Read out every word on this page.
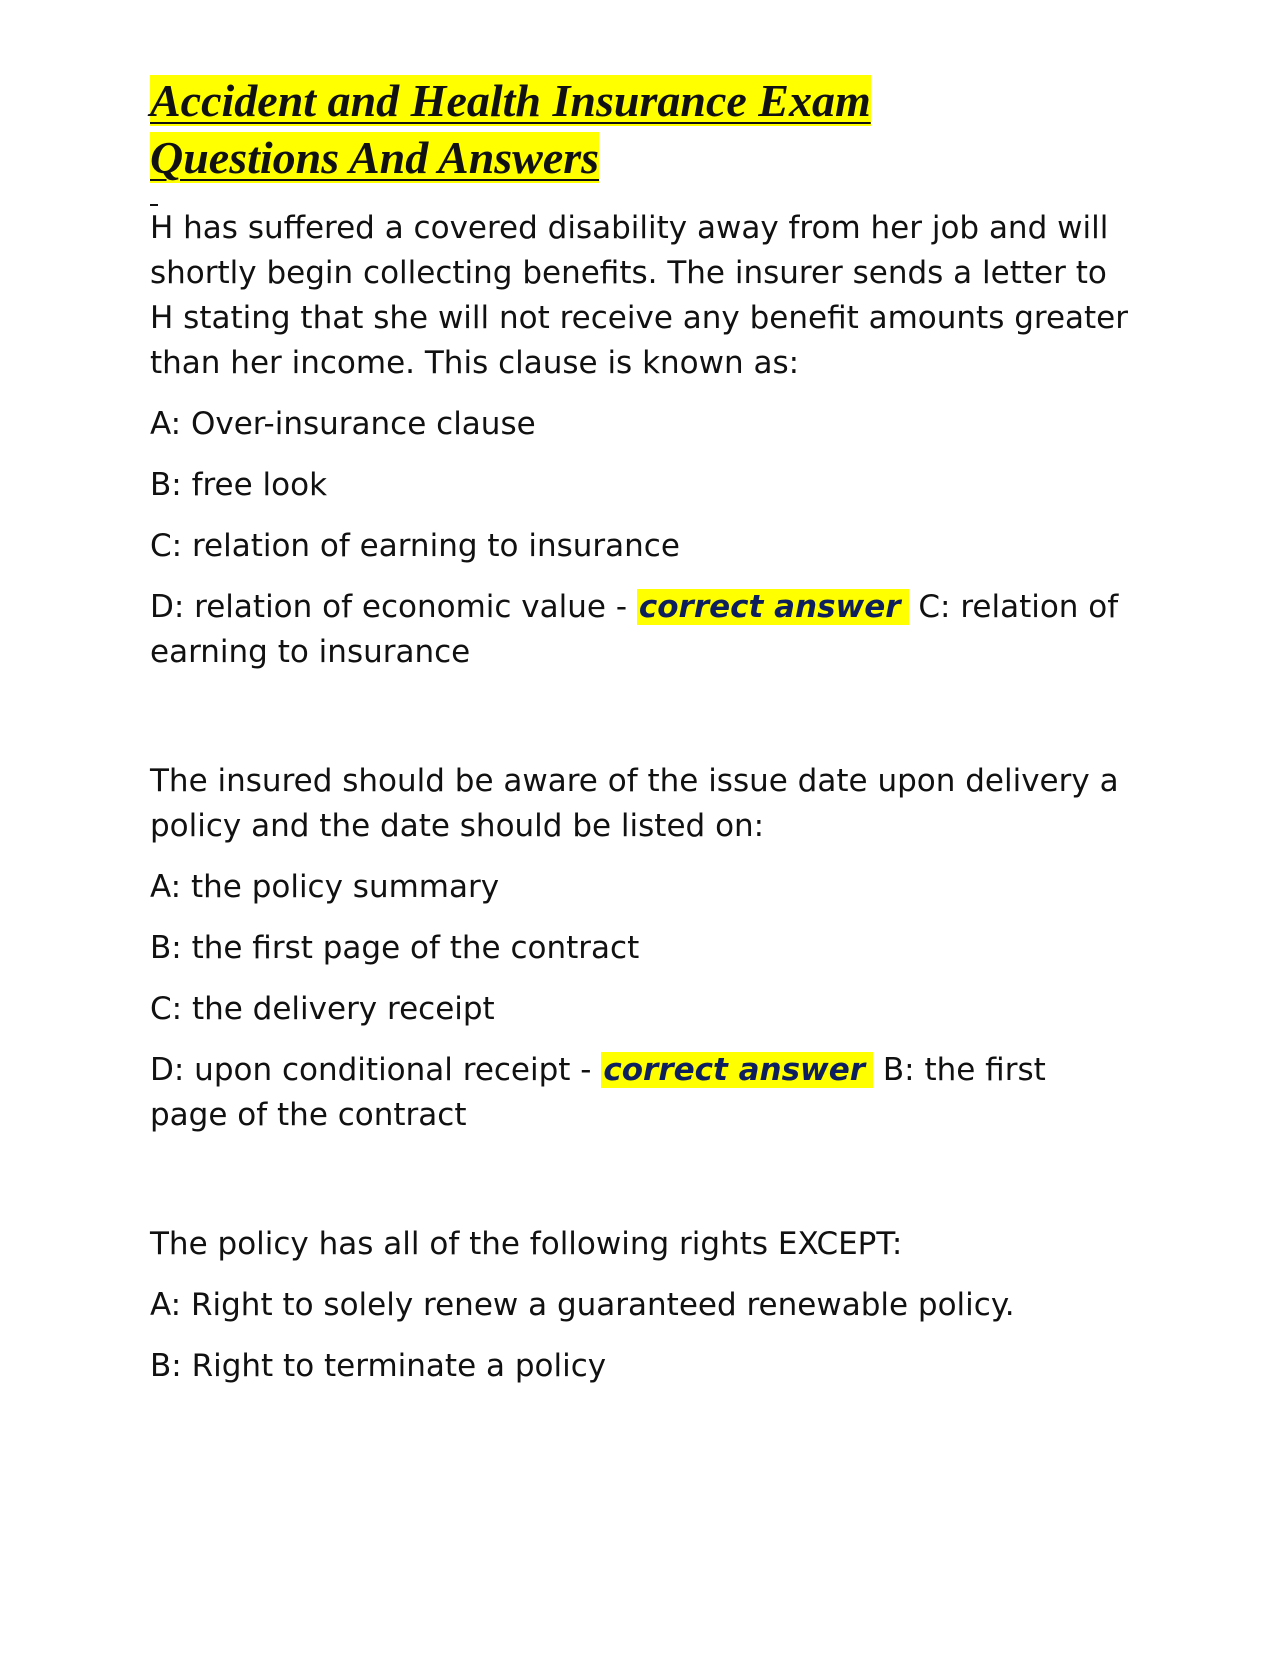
Accident and Health Insurance Exam
Questions And Answers

H has suffered a covered disability away from her job and will shortly begin collecting benefits. The insurer sends a letter to H stating that she will not receive any benefit amounts greater than her income. This clause is known as:

A: Over-insurance clause

B: free look

C: relation of earning to insurance

D: relation of economic value - correct answer C: relation of earning to insurance

The insured should be aware of the issue date upon delivery a policy and the date should be listed on:

A: the policy summary

B: the first page of the contract

C: the delivery receipt

D: upon conditional receipt - correct answer B: the first page of the contract

The policy has all of the following rights EXCEPT:

A: Right to solely renew a guaranteed renewable policy.

B: Right to terminate a policy
